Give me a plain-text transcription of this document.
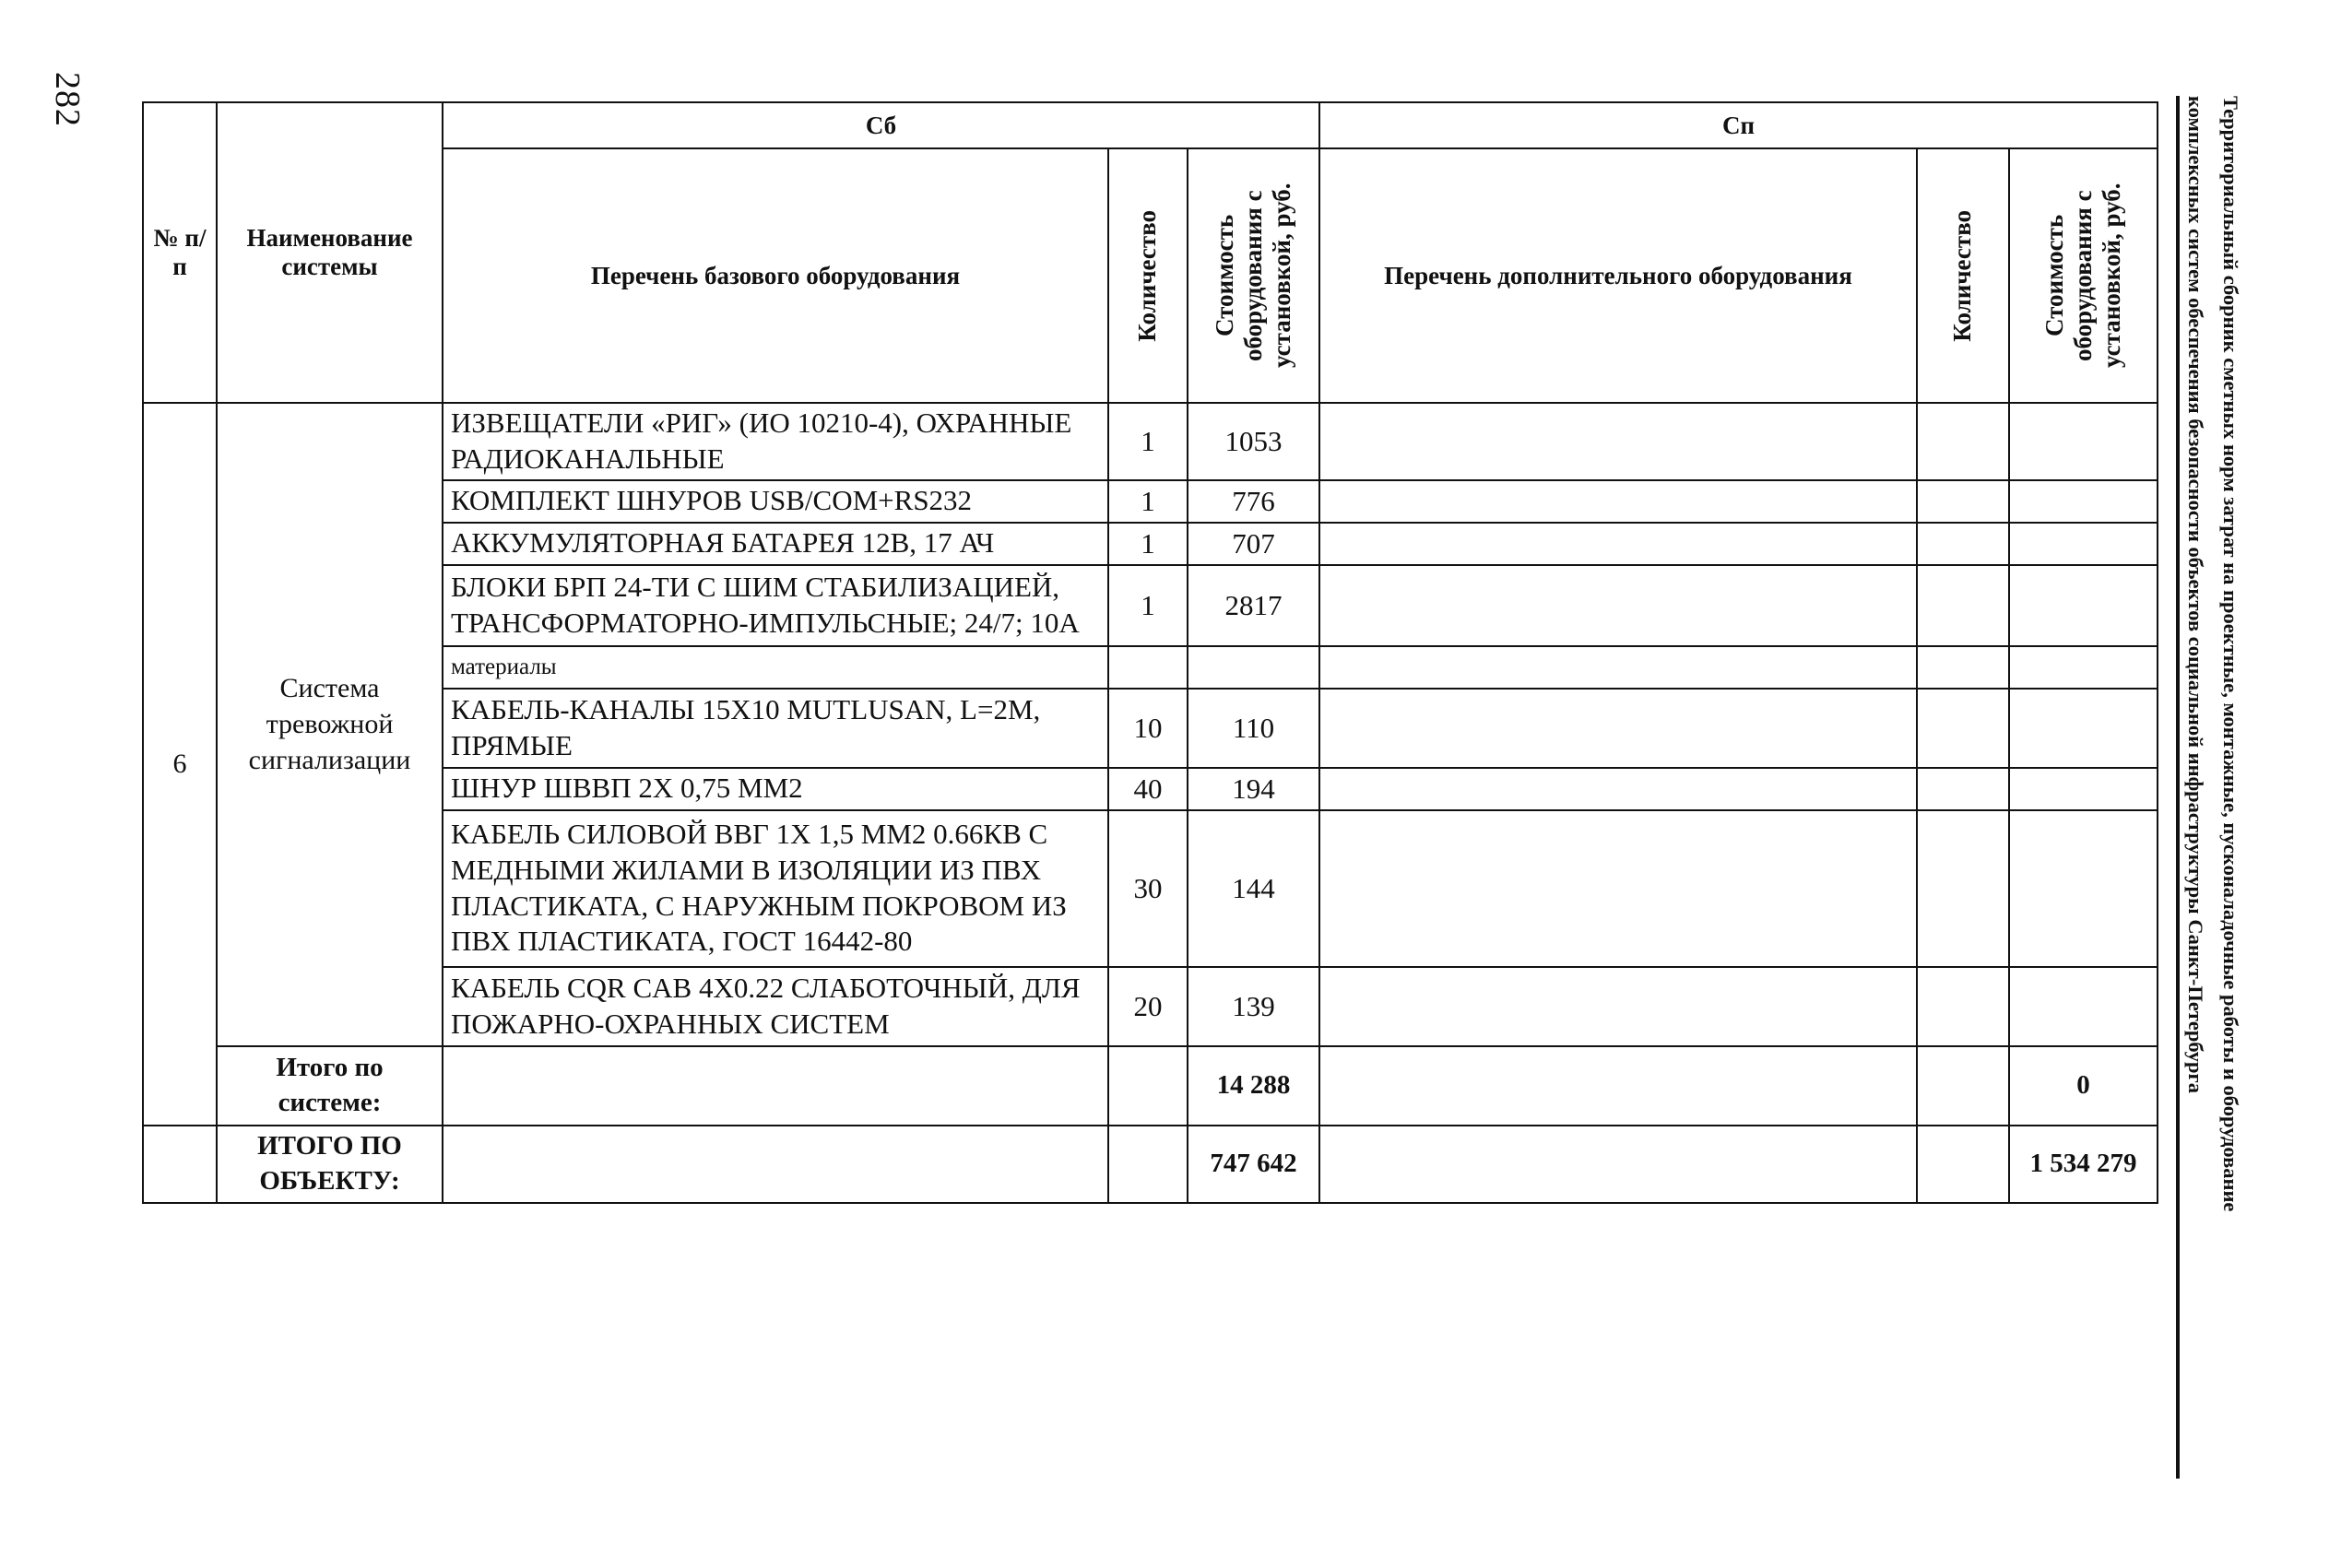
282	Территориальный сборник сметных норм затрат на проектные, монтажные, пусконаладочные работы и оборудование
комплексных систем обеспечения безопасности объектов социальной инфраструктуры Санкт-Петербурга
№ п/п	Наименование системы	Сб			Сп		
		Перечень базового оборудования	Количество	Стоимость оборудования с установкой, руб.	Перечень дополнительного оборудования	Количество	Стоимость оборудования с установкой, руб.

6	Система тревожной сигнализации	ИЗВЕЩАТЕЛИ «РИГ» (ИО 10210-4), ОХРАННЫЕ РАДИОКАНАЛЬНЫЕ	1	1053			
		КОМПЛЕКТ ШНУРОВ USB/COM+RS232	1	776			
		АККУМУЛЯТОРНАЯ БАТАРЕЯ 12В, 17 АЧ	1	707			
		БЛОКИ БРП 24-ТИ С ШИМ СТАБИЛИЗАЦИЕЙ, ТРАНСФОРМАТОРНО-ИМПУЛЬСНЫЕ; 24/7; 10А	1	2817			
		материалы					
		КАБЕЛЬ-КАНАЛЫ 15Х10 MUTLUSAN, L=2М, ПРЯМЫЕ	10	110			
		ШНУР ШВВП 2Х 0,75 ММ2	40	194			
		КАБЕЛЬ СИЛОВОЙ ВВГ 1Х 1,5 ММ2 0.66КВ С МЕДНЫМИ ЖИЛАМИ В ИЗОЛЯЦИИ ИЗ ПВХ ПЛАСТИКАТА, С НАРУЖНЫМ ПОКРОВОМ ИЗ ПВХ ПЛАСТИКАТА, ГОСТ 16442-80	30	144			
		КАБЕЛЬ CQR CAB 4Х0.22 СЛАБОТОЧНЫЙ, ДЛЯ ПОЖАРНО-ОХРАННЫХ СИСТЕМ	20	139			
	Итого по системе:			14 288			0
	ИТОГО ПО ОБЪЕКТУ:			747 642			1 534 279
